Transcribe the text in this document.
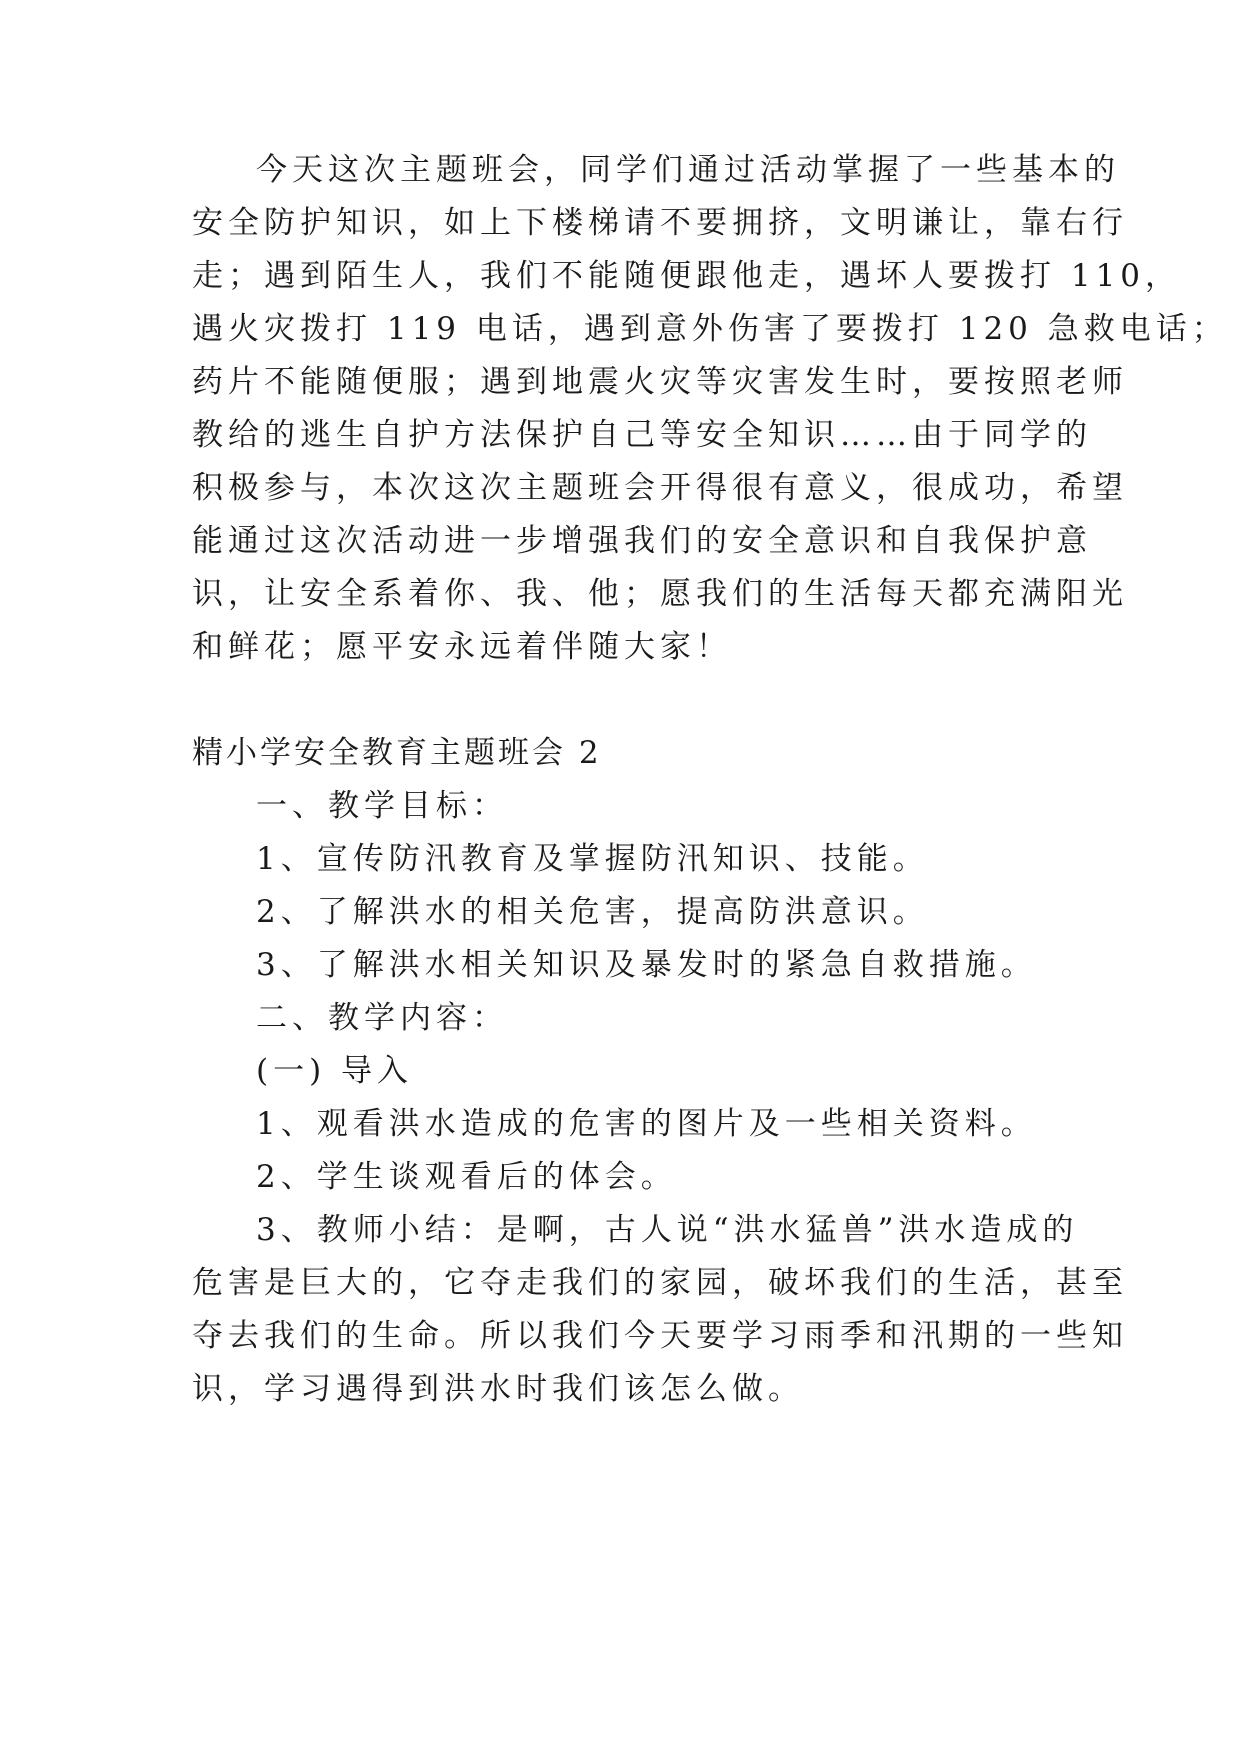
今天这次主题班会，同学们通过活动掌握了一些基本的
安全防护知识，如上下楼梯请不要拥挤，文明谦让，靠右行
走；遇到陌生人，我们不能随便跟他走，遇坏人要拨打 110，
遇火灾拨打 119 电话，遇到意外伤害了要拨打 120 急救电话；
药片不能随便服；遇到地震火灾等灾害发生时，要按照老师
教给的逃生自护方法保护自己等安全知识……由于同学的
积极参与，本次这次主题班会开得很有意义，很成功，希望
能通过这次活动进一步增强我们的安全意识和自我保护意
识，让安全系着你、我、他；愿我们的生活每天都充满阳光
和鲜花；愿平安永远着伴随大家！
精小学安全教育主题班会 2
一、教学目标：
1、宣传防汛教育及掌握防汛知识、技能。
2、了解洪水的相关危害，提高防洪意识。
3、了解洪水相关知识及暴发时的紧急自救措施。
二、教学内容：
(一) 导入
1、观看洪水造成的危害的图片及一些相关资料。
2、学生谈观看后的体会。
3、教师小结：是啊，古人说“洪水猛兽”洪水造成的
危害是巨大的，它夺走我们的家园，破坏我们的生活，甚至
夺去我们的生命。所以我们今天要学习雨季和汛期的一些知
识，学习遇得到洪水时我们该怎么做。
